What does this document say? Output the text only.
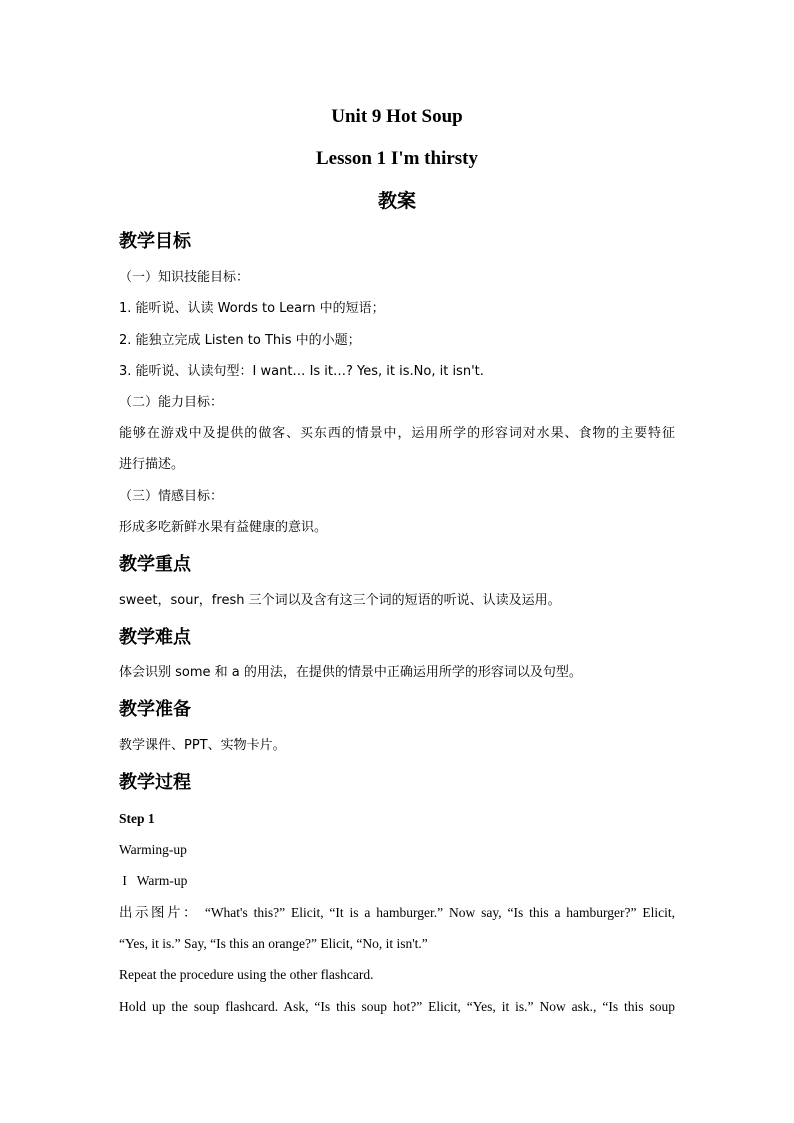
Unit 9 Hot Soup
Lesson 1 I'm thirsty
教案
教学目标
（一）知识技能目标：
1. 能听说、认读 Words to Learn 中的短语；
2. 能独立完成 Listen to This 中的小题；
3. 能听说、认读句型：I want… Is it…? Yes, it is.No, it isn't.
（二）能力目标：
能够在游戏中及提供的做客、买东西的情景中，运用所学的形容词对水果、食物的主要特征
进行描述。
（三）情感目标：
形成多吃新鲜水果有益健康的意识。
教学重点
sweet，sour，fresh 三个词以及含有这三个词的短语的听说、认读及运用。
教学难点
体会识别 some 和 a 的用法，在提供的情景中正确运用所学的形容词以及句型。
教学准备
教学课件、PPT、实物卡片。
教学过程
Step 1
Warming-up
I   Warm-up
出示图片： “What's this?” Elicit, “It is a hamburger.” Now say, “Is this a hamburger?” Elicit,
“Yes, it is.” Say, “Is this an orange?” Elicit, “No, it isn't.”
Repeat the procedure using the other flashcard.
Hold up the soup flashcard. Ask, “Is this soup hot?” Elicit, “Yes, it is.” Now ask., “Is this soup
